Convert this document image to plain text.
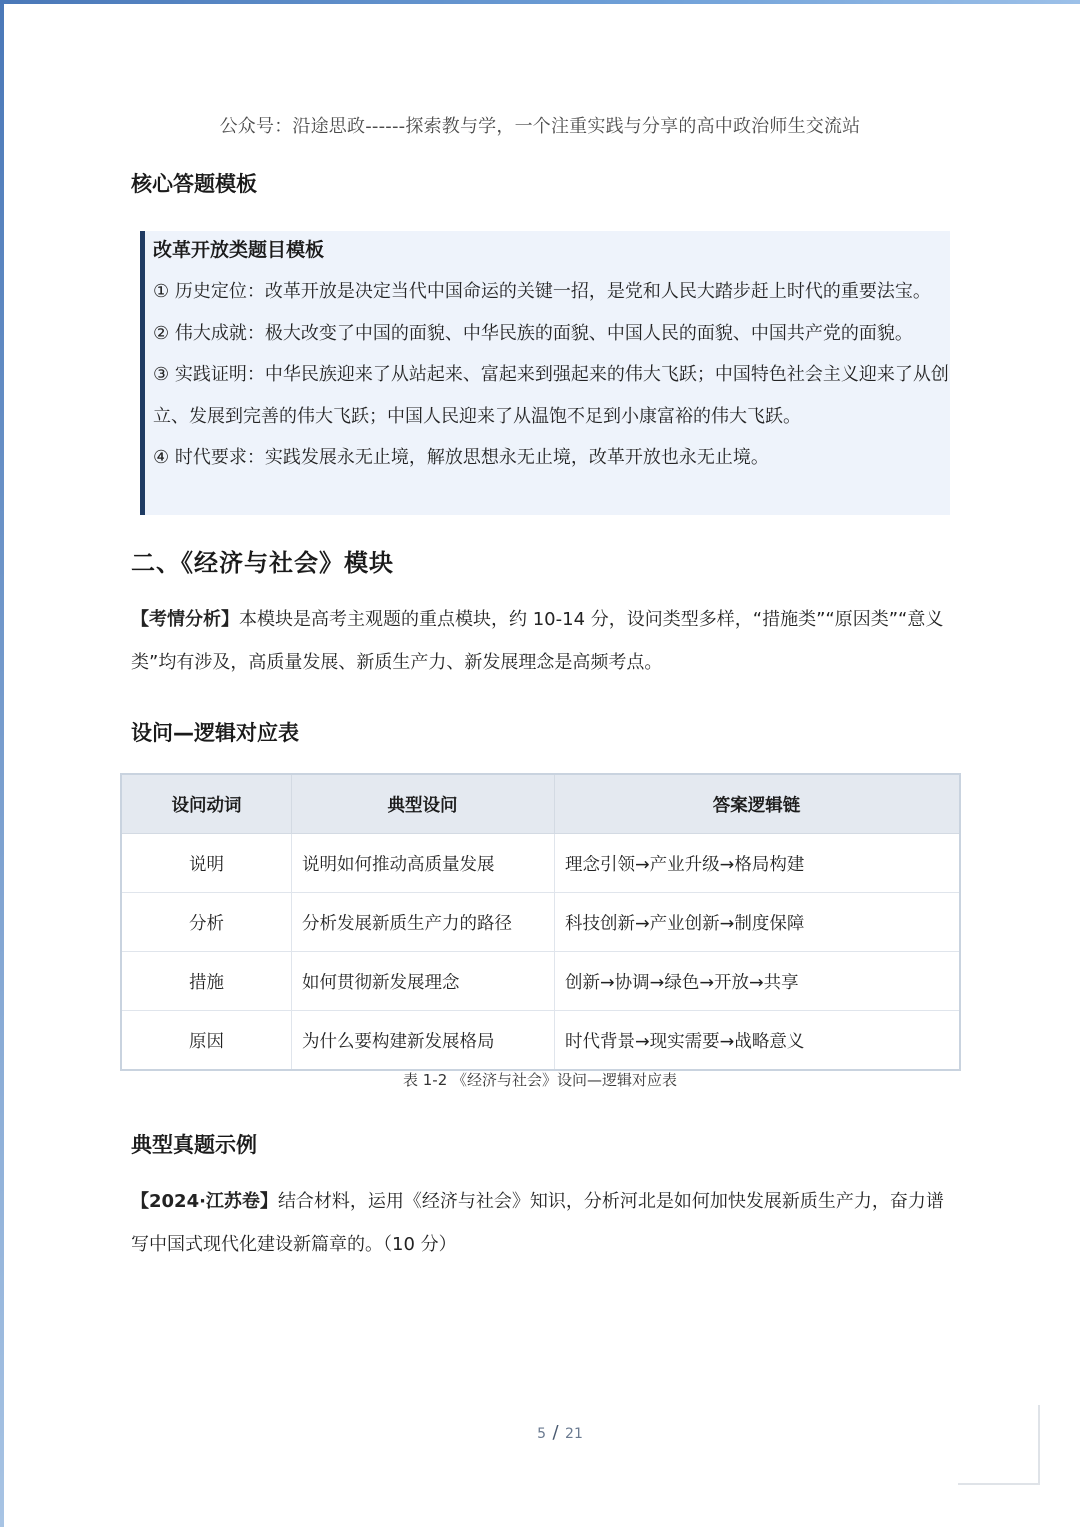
公众号：沿途思政------探索教与学，一个注重实践与分享的高中政治师生交流站
核心答题模板
改革开放类题目模板
① 历史定位：改革开放是决定当代中国命运的关键一招，是党和人民大踏步赶上时代的重要法宝。
② 伟大成就：极大改变了中国的面貌、中华民族的面貌、中国人民的面貌、中国共产党的面貌。
③ 实践证明：中华民族迎来了从站起来、富起来到强起来的伟大飞跃；中国特色社会主义迎来了从创立、发展到完善的伟大飞跃；中国人民迎来了从温饱不足到小康富裕的伟大飞跃。
④ 时代要求：实践发展永无止境，解放思想永无止境，改革开放也永无止境。
二、《经济与社会》模块
【考情分析】本模块是高考主观题的重点模块，约 10-14 分，设问类型多样，“措施类”“原因类”“意义类”均有涉及，高质量发展、新质生产力、新发展理念是高频考点。
设问—逻辑对应表
设问动词	典型设问	答案逻辑链
说明	说明如何推动高质量发展	理念引领→产业升级→格局构建
分析	分析发展新质生产力的路径	科技创新→产业创新→制度保障
措施	如何贯彻新发展理念	创新→协调→绿色→开放→共享
原因	为什么要构建新发展格局	时代背景→现实需要→战略意义
表 1-2 《经济与社会》设问—逻辑对应表
典型真题示例
【2024·江苏卷】结合材料，运用《经济与社会》知识，分析河北是如何加快发展新质生产力，奋力谱写中国式现代化建设新篇章的。（10 分）
5 / 21
